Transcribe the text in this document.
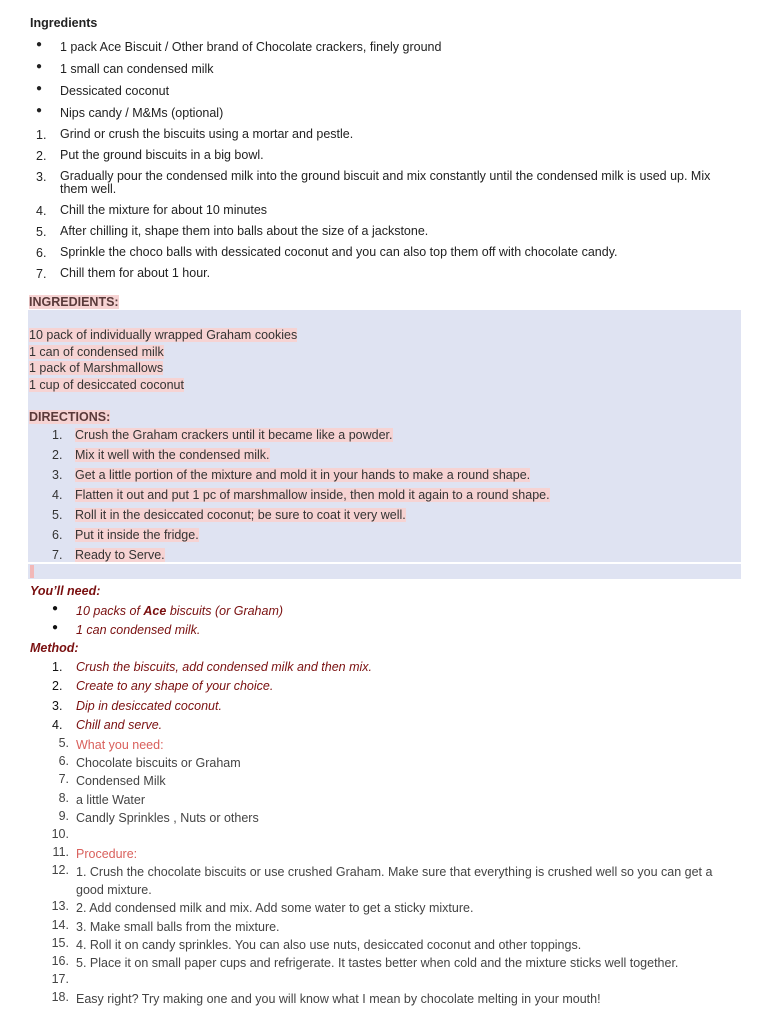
Ingredients
● 1 pack Ace Biscuit / Other brand of Chocolate crackers, finely ground
● 1 small can condensed milk
● Dessicated coconut
● Nips candy / M&Ms (optional)
1. Grind or crush the biscuits using a mortar and pestle.
2. Put the ground biscuits in a big bowl.
3. Gradually pour the condensed milk into the ground biscuit and mix constantly until the condensed milk is used up. Mix them well.
4. Chill the mixture for about 10 minutes
5. After chilling it, shape them into balls about the size of a jackstone.
6. Sprinkle the choco balls with dessicated coconut and you can also top them off with chocolate candy.
7. Chill them for about 1 hour.
INGREDIENTS:
10 pack of individually wrapped Graham cookies
1 can of condensed milk
1 pack of Marshmallows
1 cup of desiccated coconut
DIRECTIONS:
1. Crush the Graham crackers until it became like a powder.
2. Mix it well with the condensed milk.
3. Get a little portion of the mixture and mold it in your hands to make a round shape.
4. Flatten it out and put 1 pc of marshmallow inside, then mold it again to a round shape.
5. Roll it in the desiccated coconut; be sure to coat it very well.
6. Put it inside the fridge.
7. Ready to Serve.
You’ll need:
● 10 packs of Ace biscuits (or Graham)
● 1 can condensed milk.
Method:
1. Crush the biscuits, add condensed milk and then mix.
2. Create to any shape of your choice.
3. Dip in desiccated coconut.
4. Chill and serve.
5. What you need:
6. Chocolate biscuits or Graham
7. Condensed Milk
8. a little Water
9. Candly Sprinkles , Nuts or others
10.
11. Procedure:
12. 1. Crush the chocolate biscuits or use crushed Graham. Make sure that everything is crushed well so you can get a good mixture.
13. 2. Add condensed milk and mix. Add some water to get a sticky mixture.
14. 3. Make small balls from the mixture.
15. 4. Roll it on candy sprinkles. You can also use nuts, desiccated coconut and other toppings.
16. 5. Place it on small paper cups and refrigerate. It tastes better when cold and the mixture sticks well together.
17.
18. Easy right? Try making one and you will know what I mean by chocolate melting in your mouth!
